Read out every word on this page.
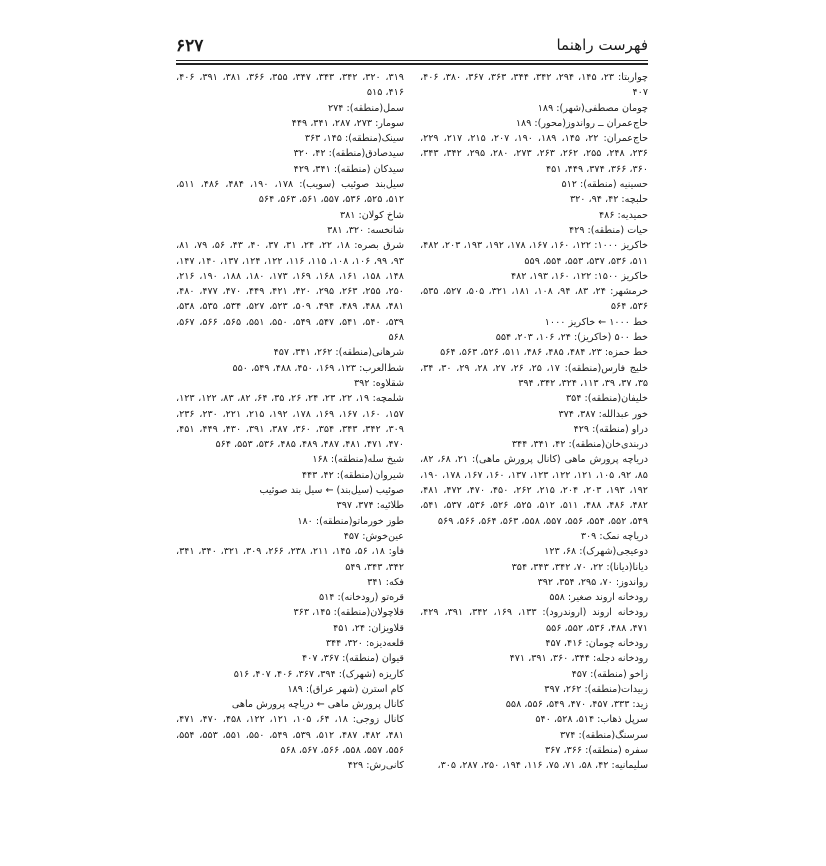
فهرست راهنما
۶۲۷

چواربتا: ۲۳، ۱۴۵، ۲۹۴، ۳۴۲، ۳۴۴، ۳۶۳، ۳۶۷، ۳۸۰، ۴۰۶، ۴۰۷

چومان مصطفی(شهر): ۱۸۹

حاج‌عمران ــ رواندوز(محور): ۱۸۹

حاج‌عمران: ۲۲، ۱۴۵، ۱۸۹، ۱۹۰، ۲۰۷، ۲۱۵، ۲۱۷، ۲۲۹، ۲۳۶، ۲۴۸، ۲۵۵، ۲۶۲، ۲۶۳، ۲۷۳، ۲۸۰، ۲۹۵، ۳۴۲، ۳۴۳، ۳۶۰، ۳۶۶، ۳۷۴، ۴۴۹، ۴۵۱

حسینیه (منطقه): ۵۱۲

حلبچه: ۴۲، ۹۴، ۳۲۰

حمیدیه: ۴۸۶

حیات (منطقه): ۴۲۹

خاکریز ۱۰۰۰: ۱۲۲، ۱۶۰، ۱۶۷، ۱۷۸، ۱۹۲، ۱۹۳، ۲۰۳، ۴۸۲، ۵۱۱، ۵۳۶، ۵۳۷، ۵۵۳، ۵۵۴، ۵۵۹

خاکریز ۱۵۰۰: ۱۲۲، ۱۶۰، ۱۹۳، ۴۸۲

خرمشهر: ۲۴، ۸۳، ۹۴، ۱۰۸، ۱۸۱، ۳۲۱، ۵۰۵، ۵۲۷، ۵۳۵، ۵۳۶، ۵۶۴

خط ۱۰۰۰ ← خاکریز ۱۰۰۰

خط ۵۰۰ (خاکریز): ۲۴، ۱۰۶، ۲۰۳، ۵۵۴

خط حمزه: ۲۳، ۴۸۴، ۴۸۵، ۴۸۶، ۵۱۱، ۵۲۶، ۵۶۳، ۵۶۴

خلیج فارس(منطقه): ۱۷، ۲۵، ۲۶، ۲۷، ۲۸، ۲۹، ۳۰، ۳۴، ۳۵، ۳۷، ۳۹، ۱۱۳، ۳۲۴، ۳۴۲، ۳۹۴

خلیفان(منطقه): ۳۵۴

خور عبدالله: ۳۸۷، ۳۷۴

دراو (منطقه): ۴۲۹

دربندی‌خان(منطقه): ۴۲، ۳۴۱، ۳۴۴

دریاچه پرورش ماهی (کانال پرورش ماهی): ۲۱، ۶۸، ۸۲، ۸۵، ۹۲، ۱۰۵، ۱۲۱، ۱۲۲، ۱۲۳، ۱۳۷، ۱۶۰، ۱۶۷، ۱۷۸، ۱۹۰، ۱۹۲، ۱۹۳، ۲۰۳، ۲۰۴، ۲۱۵، ۲۶۲، ۴۵۰، ۴۷۰، ۴۷۲، ۴۸۱، ۴۸۲، ۴۸۶، ۴۸۸، ۵۱۱، ۵۱۲، ۵۲۵، ۵۲۶، ۵۳۶، ۵۳۷، ۵۴۱، ۵۴۹، ۵۵۲، ۵۵۴، ۵۵۶، ۵۵۷، ۵۵۸، ۵۶۳، ۵۶۴، ۵۶۶، ۵۶۹

دریاچه نمک: ۳۰۹

دوعیجی(شهرک): ۶۸، ۱۲۳

دیانا(دیانا): ۲۲، ۷۰، ۳۴۲، ۳۴۳، ۳۵۴

رواندوز: ۷۰، ۲۹۵، ۳۵۴، ۳۹۲

رودخانه اروند صغیر: ۵۵۸

رودخانه اروند (اروندرود): ۱۳۳، ۱۶۹، ۳۴۲، ۳۹۱، ۴۲۹، ۴۷۱، ۴۸۸، ۵۳۶، ۵۵۲، ۵۵۶

رودخانه چومان: ۴۱۶، ۴۵۷

رودخانه دجله: ۳۴۴، ۳۶۰، ۳۹۱، ۴۷۱

زاخو (منطقه): ۴۵۷

زبیدات(منطقه): ۲۶۲، ۳۹۷

زید: ۳۳۳، ۴۵۷، ۴۷۰، ۵۴۹، ۵۵۶، ۵۵۸

سرپل ذهاب: ۵۱۴، ۵۲۸، ۵۴۰

سرسنگ(منطقه): ۳۷۴

سفره (منطقه): ۳۶۶، ۳۶۷

سلیمانیه: ۴۲، ۵۸، ۷۱، ۷۵، ۱۱۶، ۱۹۴، ۲۵۰، ۲۸۷، ۳۰۵،

۳۱۹، ۳۲۰، ۳۴۲، ۳۴۳، ۳۴۷، ۳۵۵، ۳۶۶، ۳۸۱، ۳۹۱، ۴۰۶، ۴۱۶، ۵۱۵

سمل(منطقه): ۲۷۴

سومار: ۲۷۳، ۲۸۷، ۳۴۱، ۴۴۹

سینک(منطقه): ۱۴۵، ۳۶۳

سیدصادق(منطقه): ۴۲، ۳۲۰

سیدکان (منطقه): ۳۴۱، ۴۲۹

سیل‌بند صوئیب (سویب): ۱۷۸، ۱۹۰، ۴۸۴، ۴۸۶، ۵۱۱، ۵۱۲، ۵۲۵، ۵۳۶، ۵۵۷، ۵۶۱، ۵۶۳، ۵۶۴

شاخ کولان: ۳۸۱

شانخسه: ۳۲۰، ۳۸۱

شرق بصره: ۱۸، ۲۲، ۲۴، ۳۱، ۳۷، ۴۰، ۴۳، ۵۶، ۷۹، ۸۱، ۹۳، ۹۹، ۱۰۶، ۱۰۸، ۱۱۵، ۱۱۶، ۱۲۲، ۱۲۴، ۱۳۷، ۱۴۰، ۱۴۷، ۱۴۸، ۱۵۸، ۱۶۱، ۱۶۸، ۱۶۹، ۱۷۳، ۱۸۰، ۱۸۸، ۱۹۰، ۲۱۶، ۲۵۰، ۲۵۵، ۲۶۳، ۲۹۵، ۴۲۰، ۴۲۱، ۴۴۹، ۴۷۰، ۴۷۷، ۴۸۰، ۴۸۱، ۴۸۸، ۴۸۹، ۴۹۴، ۵۰۹، ۵۲۳، ۵۲۷، ۵۳۴، ۵۳۵، ۵۳۸، ۵۳۹، ۵۴۰، ۵۴۱، ۵۴۷، ۵۴۹، ۵۵۰، ۵۵۱، ۵۶۵، ۵۶۶، ۵۶۷، ۵۶۸

شرهانی(منطقه): ۲۶۲، ۳۴۱، ۴۵۷

شط‌العرب: ۱۲۳، ۱۶۹، ۴۵۰، ۴۸۸، ۵۴۹، ۵۵۰

شقلاوه: ۳۹۲

شلمچه: ۱۹، ۲۲، ۲۳، ۲۴، ۲۶، ۳۵، ۶۴، ۸۲، ۸۳، ۱۲۲، ۱۲۳، ۱۵۷، ۱۶۰، ۱۶۷، ۱۶۹، ۱۷۸، ۱۹۲، ۲۱۵، ۲۲۱، ۲۳۰، ۲۳۶، ۳۰۹، ۳۴۲، ۳۴۳، ۳۵۴، ۳۶۰، ۳۸۷، ۳۹۱، ۴۳۰، ۴۴۹، ۴۵۱، ۴۷۰، ۴۷۱، ۴۸۱، ۴۸۷، ۴۸۹، ۴۸۵، ۵۳۶، ۵۵۳، ۵۶۴

شیخ سله(منطقه): ۱۶۸

شیروان(منطقه): ۴۲، ۴۴۳

صوئیب (سیل‌بند) ← سیل بند صوئیب

طلائیه: ۳۷۴، ۳۹۷

طوز خورماتو(منطقه): ۱۸۰

عین‌خوش: ۴۵۷

فاو: ۱۸، ۵۶، ۱۴۵، ۲۱۱، ۲۳۸، ۲۶۶، ۳۰۹، ۳۲۱، ۳۴۰، ۳۴۱، ۳۴۲، ۳۴۳، ۵۴۹

فکه: ۳۴۱

قره‌تو (رودخانه): ۵۱۴

قلاچولان(منطقه): ۱۴۵، ۳۶۳

قلاویزان: ۲۴، ۴۵۱

قلعه‌دیزه: ۳۲۰، ۳۴۴

قیوان (منطقه): ۳۶۷، ۴۰۷

کاریزه (شهرک): ۳۹۴، ۳۶۷، ۴۰۶، ۴۰۷، ۵۱۶

کام استرن (شهر عراق): ۱۸۹

کانال پرورش ماهی ← دریاچه پرورش ماهی

کانال زوجی: ۱۸، ۶۴، ۱۰۵، ۱۲۱، ۱۲۲، ۴۵۸، ۴۷۰، ۴۷۱، ۴۸۱، ۴۸۲، ۴۸۷، ۵۱۲، ۵۳۹، ۵۴۹، ۵۵۰، ۵۵۱، ۵۵۳، ۵۵۴، ۵۵۶، ۵۵۷، ۵۵۸، ۵۶۶، ۵۶۷، ۵۶۸

کانی‌رش: ۴۲۹
